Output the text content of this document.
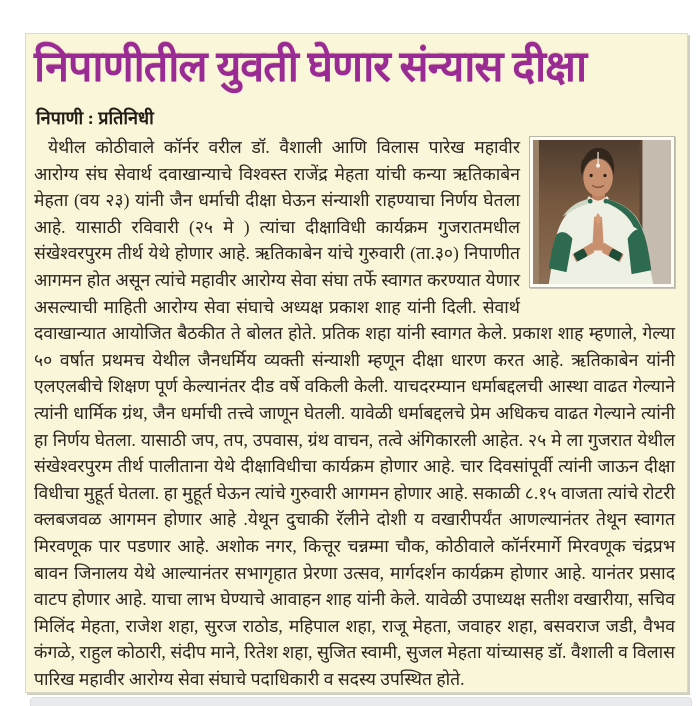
निपाणीतील युवती घेणार संन्यास दीक्षा
निपाणी : प्रतिनिधी
येथील कोठीवाले कॉर्नर वरील डॉ. वैशाली आणि विलास पारेख महावीर आरोग्य संघ सेवार्थ दवाखान्याचे विश्वस्त राजेंद्र मेहता यांची कन्या ऋतिकाबेन मेहता (वय २३) यांनी जैन धर्माची दीक्षा घेऊन संन्याशी राहण्याचा निर्णय घेतला आहे. यासाठी रविवारी (२५ मे ) त्यांचा दीक्षाविधी कार्यक्रम गुजरातमधील संखेश्वरपुरम तीर्थ येथे होणार आहे. ऋतिकाबेन यांचे गुरुवारी (ता.३०) निपाणीत आगमन होत असून त्यांचे महावीर आरोग्य सेवा संघा तर्फे स्वागत करण्यात येणार असल्याची माहिती आरोग्य सेवा संघाचे अध्यक्ष प्रकाश शाह यांनी दिली. सेवार्थ दवाखान्यात आयोजित बैठकीत ते बोलत होते. प्रतिक शहा यांनी स्वागत केले. प्रकाश शाह म्हणाले, गेल्या ५० वर्षात प्रथमच येथील जैनधर्मिय व्यक्ती संन्याशी म्हणून दीक्षा धारण करत आहे. ऋतिकाबेन यांनी एलएलबीचे शिक्षण पूर्ण केल्यानंतर दीड वर्षे वकिली केली. याचदरम्यान धर्माबद्दलची आस्था वाढत गेल्याने त्यांनी धार्मिक ग्रंथ, जैन धर्माची तत्त्वे जाणून घेतली. यावेळी धर्माबद्दलचे प्रेम अधिकच वाढत गेल्याने त्यांनी हा निर्णय घेतला. यासाठी जप, तप, उपवास, ग्रंथ वाचन, तत्वे अंगिकारली आहेत. २५ मे ला गुजरात येथील संखेश्वरपुरम तीर्थ पालीताना येथे दीक्षाविधीचा कार्यक्रम होणार आहे. चार दिवसांपूर्वी त्यांनी जाऊन दीक्षा विधीचा मुहूर्त घेतला. हा मुहूर्त घेऊन त्यांचे गुरुवारी आगमन होणार आहे. सकाळी ८.१५ वाजता त्यांचे रोटरी क्लबजवळ आगमन होणार आहे .येथून दुचाकी रॅलीने दोशी य वखारीपर्यंत आणल्यानंतर तेथून स्वागत मिरवणूक पार पडणार आहे. अशोक नगर, कित्तूर चन्नम्मा चौक, कोठीवाले कॉर्नरमार्गे मिरवणूक चंद्रप्रभ बावन जिनालय येथे आल्यानंतर सभागृहात प्रेरणा उत्सव, मार्गदर्शन कार्यक्रम होणार आहे. यानंतर प्रसाद वाटप होणार आहे. याचा लाभ घेण्याचे आवाहन शाह यांनी केले. यावेळी उपाध्यक्ष सतीश वखारीया, सचिव मिलिंद मेहता, राजेश शहा, सुरज राठोड, महिपाल शहा, राजू मेहता, जवाहर शहा, बसवराज जडी, वैभव कंगळे, राहुल कोठारी, संदीप माने, रितेश शहा, सुजित स्वामी, सुजल मेहता यांच्यासह डॉ. वैशाली व विलास पारिख महावीर आरोग्य सेवा संघाचे पदाधिकारी व सदस्य उपस्थित होते.
